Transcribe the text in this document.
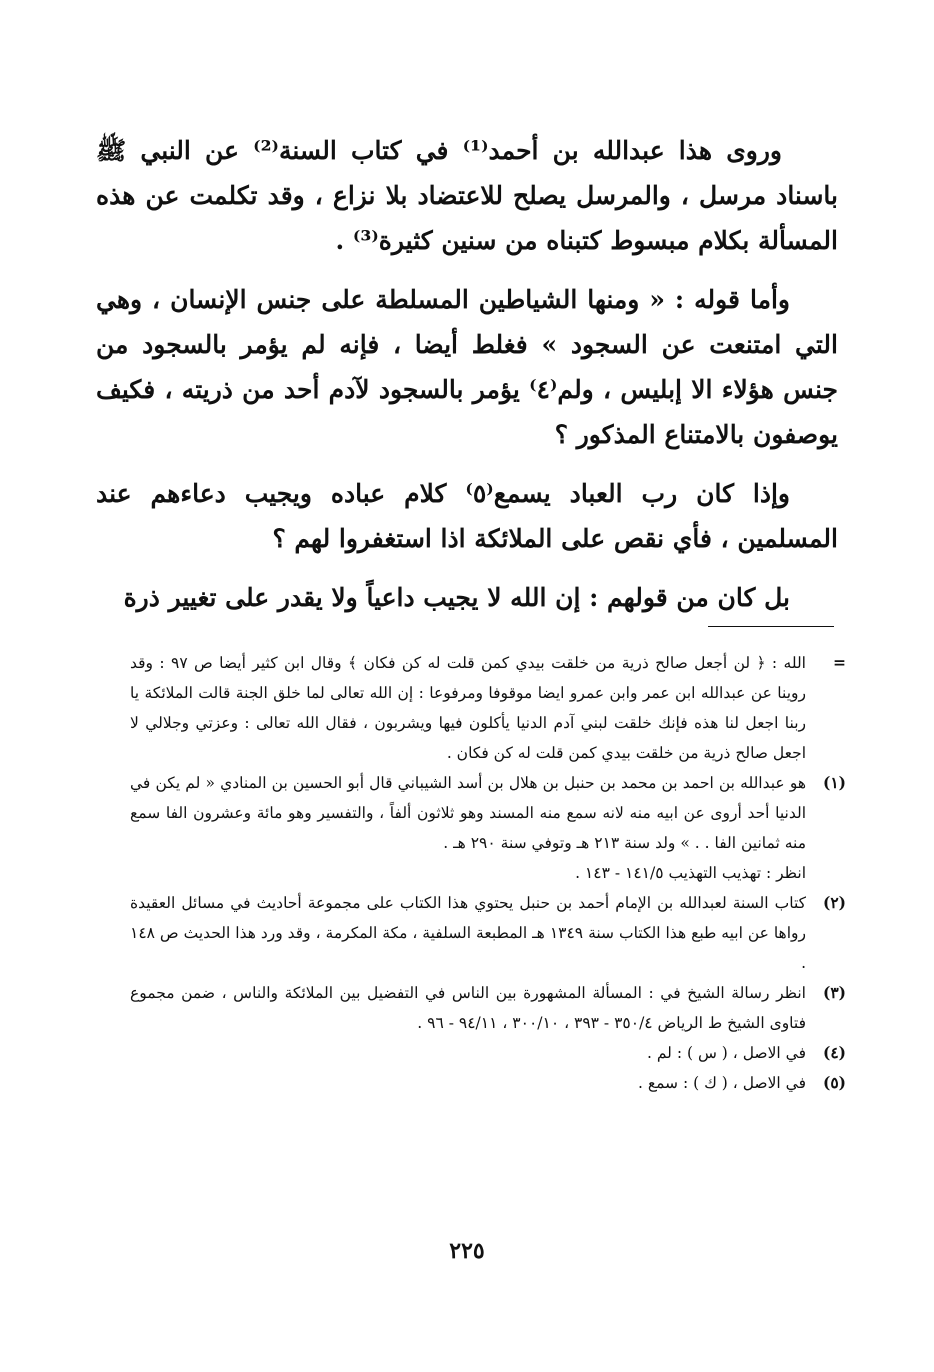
وروى هذا عبدالله بن أحمد⁽¹⁾ في كتاب السنة⁽²⁾ عن النبي ﷺ باسناد مرسل ، والمرسل يصلح للاعتضاد بلا نزاع ، وقد تكلمت عن هذه المسألة بكلام مبسوط كتبناه من سنين كثيرة⁽³⁾ .

وأما قوله : « ومنها الشياطين المسلطة على جنس الإنسان ، وهي التي امتنعت عن السجود » فغلط أيضا ، فإنه لم يؤمر بالسجود من جنس هؤلاء الا إبليس ، ولم⁽٤⁾ يؤمر بالسجود لآدم أحد من ذريته ، فكيف يوصفون بالامتناع المذكور ؟

وإذا كان رب العباد يسمع⁽٥⁾ كلام عباده ويجيب دعاءهم عند المسلمين ، فأي نقص على الملائكة اذا استغفروا لهم ؟

بل كان من قولهم : إن الله لا يجيب داعياً ولا يقدر على تغيير ذرة

=

الله : ﴿ لن أجعل صالح ذرية من خلقت بيدي كمن قلت له كن فكان ﴾ وقال ابن كثير أيضا ص ٩٧ : وقد روينا عن عبدالله ابن عمر وابن عمرو ايضا موقوفا ومرفوعا : إن الله تعالى لما خلق الجنة قالت الملائكة يا ربنا اجعل لنا هذه فإنك خلقت لبني آدم الدنيا يأكلون فيها ويشربون ، فقال الله تعالى : وعزتي وجلالي لا اجعل صالح ذرية من خلقت بيدي كمن قلت له كن فكان .

(١)

هو عبدالله بن احمد بن محمد بن حنبل بن هلال بن أسد الشيباني قال أبو الحسين بن المنادي « لم يكن في الدنيا أحد أروى عن ابيه منه لانه سمع منه المسند وهو ثلاثون ألفاً ، والتفسير وهو مائة وعشرون الفا سمع منه ثمانين الفا . . » ولد سنة ٢١٣ هـ وتوفي سنة ٢٩٠ هـ .

انظر : تهذيب التهذيب ١٤١/٥ - ١٤٣ .

(٢)

كتاب السنة لعبدالله بن الإمام أحمد بن حنبل يحتوي هذا الكتاب على مجموعة أحاديث في مسائل العقيدة رواها عن ابيه طبع هذا الكتاب سنة ١٣٤٩ هـ المطبعة السلفية ، مكة المكرمة ، وقد ورد هذا الحديث ص ١٤٨ .

(٣)

انظر رسالة الشيخ في : المسألة المشهورة بين الناس في التفضيل بين الملائكة والناس ، ضمن مجموع فتاوى الشيخ ط الرياض ٣٥٠/٤ - ٣٩٣ ، ٣٠٠/١٠ ، ٩٤/١١ - ٩٦ .

(٤)

في الاصل ، ( س ) : لم .

(٥)

في الاصل ، ( ك ) : سمع .

٢٢٥
